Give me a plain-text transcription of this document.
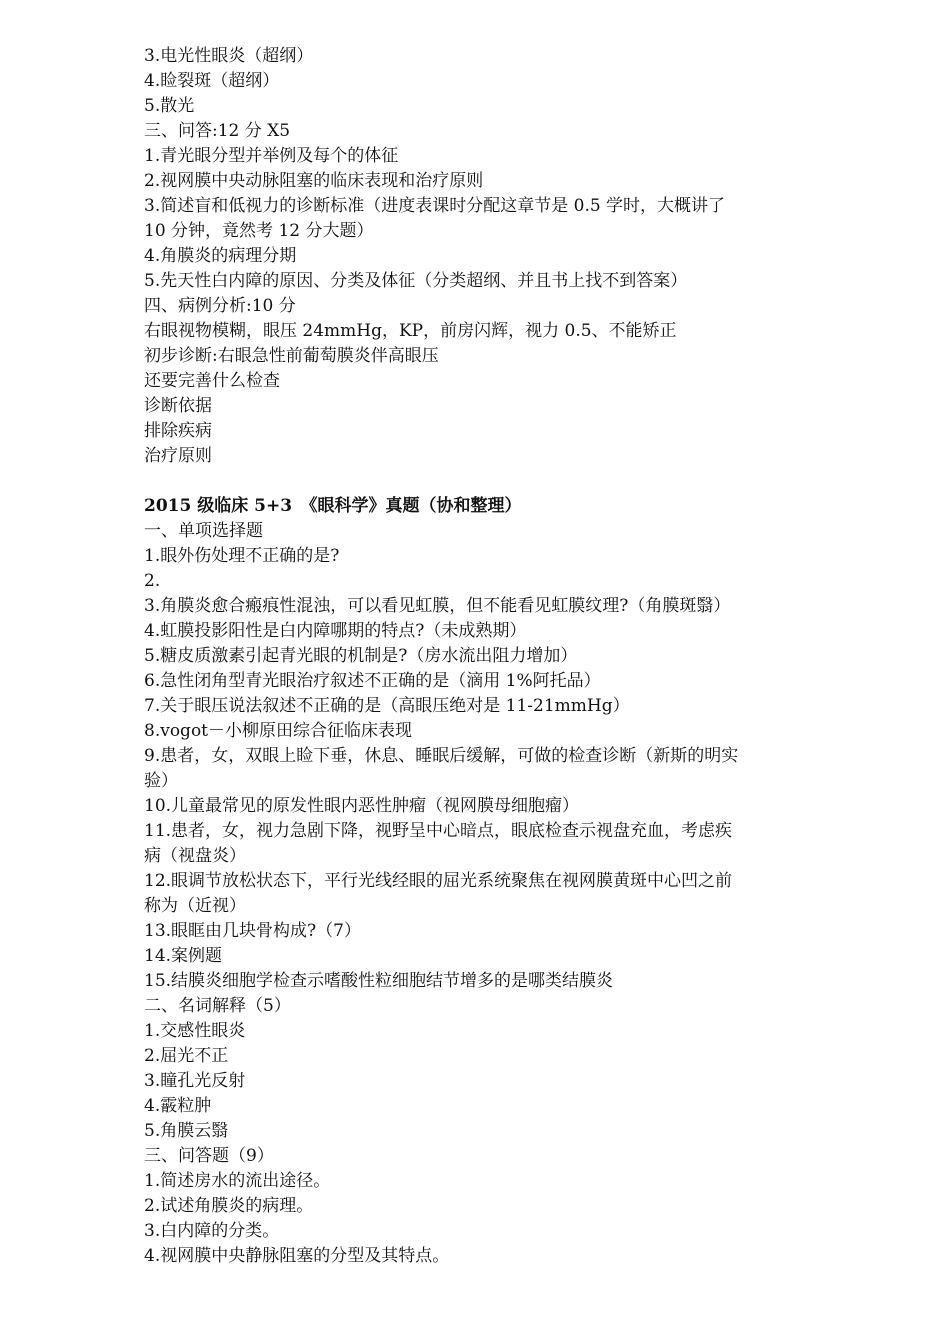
3.电光性眼炎（超纲）
4.睑裂斑（超纲）
5.散光
三、问答:12 分 X5
1.青光眼分型并举例及每个的体征
2.视网膜中央动脉阻塞的临床表现和治疗原则
3.简述盲和低视力的诊断标准（进度表课时分配这章节是 0.5 学时，大概讲了
10 分钟，竟然考 12 分大题）
4.角膜炎的病理分期
5.先天性白内障的原因、分类及体征（分类超纲、并且书上找不到答案）
四、病例分析:10 分
右眼视物模糊，眼压 24mmHg，KP，前房闪辉，视力 0.5、不能矫正
初步诊断:右眼急性前葡萄膜炎伴高眼压
还要完善什么检查
诊断依据
排除疾病
治疗原则
2015 级临床 5+3　《眼科学》真题（协和整理）
一、单项选择题
1.眼外伤处理不正确的是?
2.
3.角膜炎愈合瘢痕性混浊，可以看见虹膜，但不能看见虹膜纹理?（角膜斑翳）
4.虹膜投影阳性是白内障哪期的特点?（未成熟期）
5.糖皮质激素引起青光眼的机制是?（房水流出阻力增加）
6.急性闭角型青光眼治疗叙述不正确的是（滴用 1%阿托品）
7.关于眼压说法叙述不正确的是（高眼压绝对是 11-21mmHg）
8.vogot－小柳原田综合征临床表现
9.患者，女，双眼上睑下垂，休息、睡眠后缓解，可做的检查诊断（新斯的明实
验）
10.儿童最常见的原发性眼内恶性肿瘤（视网膜母细胞瘤）
11.患者，女，视力急剧下降，视野呈中心暗点，眼底检查示视盘充血，考虑疾
病（视盘炎）
12.眼调节放松状态下，平行光线经眼的屈光系统聚焦在视网膜黄斑中心凹之前
称为（近视）
13.眼眶由几块骨构成?（7）
14.案例题
15.结膜炎细胞学检查示嗜酸性粒细胞结节增多的是哪类结膜炎
二、名词解释（5）
1.交感性眼炎
2.屈光不正
3.瞳孔光反射
4.霰粒肿
5.角膜云翳
三、问答题（9）
1.简述房水的流出途径。
2.试述角膜炎的病理。
3.白内障的分类。
4.视网膜中央静脉阻塞的分型及其特点。
